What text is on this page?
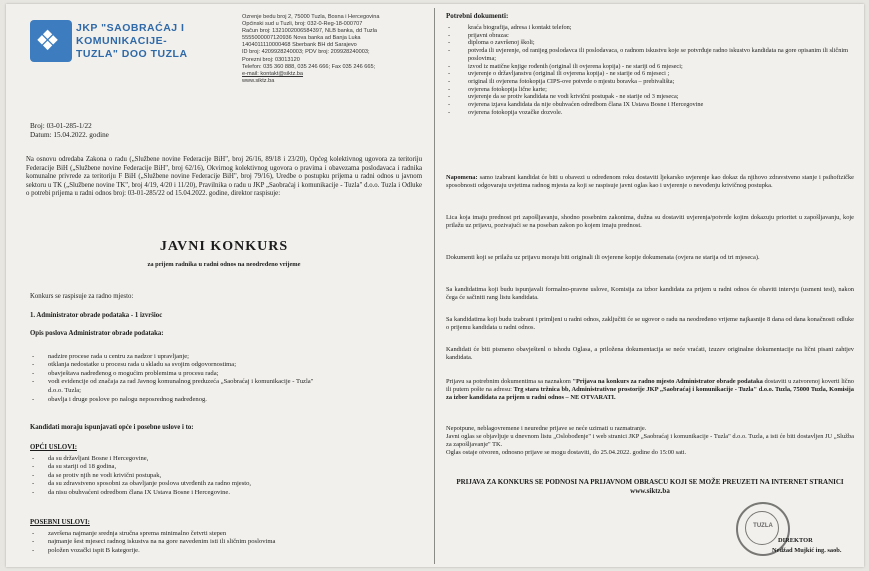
❖ JKP "SAOBRAĆAJ I
KOMUNIKACIJE-
TUZLA" DOO TUZLA
Ozrenje bedu broj 2, 75000 Tuzla, Bosna i Hercegovina
Općinski sud u Tuzli, broj: 032-0-Reg-18-000707
Račun broj: 1321002006584397, NLB banka, dd Tuzla
5555000007120936 Nova banka ad Banja Luka
1404011110000468 Sberbank BH dd Sarajevo
ID broj: 4209928240003; PDV broj: 209928240003;
Porezni broj: 03013120
Telefon: 035 360 888, 035 246 666; Fax 035 246 665;
e-mail: kontakt@siktz.ba
www.siktz.ba
Broj: 03-01-285-1/22
Datum: 15.04.2022. godine
Na osnovu odredaba Zakona o radu („Službene novine Federacije BiH", broj 26/16, 89/18 i 23/20), Općeg kolektivnog ugovora za teritoriju Federacije BiH („Službene novine Federacije BiH", broj 62/16), Okvirnog kolektivnog ugovora o pravima i obavezama poslodavaca i radnika komunalne privrede za teritoriju F BiH („Službene novine Federacije BiH", broj 79/16), Uredbe o postupku prijema u radni odnos u javnom sektoru u TK („Službene novine TK", broj 4/19, 4/20 i 11/20), Pravilnika o radu u JKP „Saobraćaj i komunikacije - Tuzla" d.o.o. Tuzla i Odluke o potrebi prijema u radni odnos broj: 03-01-285/22 od 15.04.2022. godine, direktor raspisuje:
JAVNI KONKURS
za prijem radnika u radni odnos na neodređeno vrijeme
Konkurs se raspisuje za radno mjesto:
1. Administrator obrade podataka - 1 izvršioc
Opis poslova Administrator obrade podataka:
- nadzire procese rada u centru za nadzor i upravljanje;
- otklanja nedostatke u procesu rada u skladu sa svojim odgovornostima;
- obavještava nadređenog o mogućim problemima u procesu rada;
- vodi evidencije od značaja za rad Javnog komunalnog preduzeća „Saobraćaj i komunikacije - Tuzla"
d.o.o. Tuzla;
- obavlja i druge poslove po nalogu neposrednog nadređenog.
Kandidati moraju ispunjavati opće i posebne uslove i to:
OPĆI USLOVI:
- da su državljani Bosne i Hercegovine,
- da su stariji od 18 godina,
- da se protiv njih ne vodi krivični postupak,
- da su zdravstveno sposobni za obavljanje poslova utvrđenih za radno mjesto,
- da nisu obuhvaćeni odredbom člana IX Ustava Bosne i Hercegovine.
POSEBNI USLOVI:
- završena najmanje srednja stručna sprema minimalno četvrti stepen
- najmanje šest mjeseci radnog iskustva na na gore navedenim isti ili sličnim poslovima
- položen vozački ispit B kategorije.
Potrebni dokumenti:
- kraća biografija, adresa i kontakt telefon;
- prijavni obrazac
- diploma o završenoj školi;
- potvrda ili uvjerenje, od ranijeg poslodavca ili poslodavaca, o radnom iskustvu koje se potvrđuje radno iskustvo kandidata na gore opisanim ili sličnim poslovima;
- izvod iz matične knjige rođenih (original ili ovjerena kopija) - ne stariji od 6 mjeseci;
- uvjerenje o državljanstvu (original ili ovjerena kopija) - ne starije od 6 mjeseci ;
- original ili ovjerena fotokopija CIPS-ove potvrde o mjestu boravka – prebivališta;
- ovjerena fotokopija lične karte;
- uvjerenje da se protiv kandidata ne vodi krivični postupak - ne starije od 3 mjeseca;
- ovjerena izjava kandidata da nije obuhvaćen odredbom člana IX Ustava Bosne i Hercegovine
- ovjerena fotokopija vozačke dozvole.
Napomena: samo izabrani kandidat će biti u obavezi u određenom roku dostaviti ljekarsko uvjerenje kao dokaz da njihovo zdravstveno stanje i psihofizičke sposobnosti odgovaraju uvjetima radnog mjesta za koji se raspisuje javni oglas kao i uvjerenje o nevođenju krivičnog postupka.
Lica koja imaju prednost pri zapošljavanju, shodno posebnim zakonima, dužna su dostaviti uvjerenja/potvrde kojim dokazuju prioritet u zapošljavanju, koje prilažu uz prijavu, pozivajući se na poseban zakon po kojem imaju prednost.
Dokumenti koji se prilažu uz prijavu moraju biti originali ili ovjerene kopije dokumenata (ovjera ne starija od tri mjeseca).
Sa kandidatima koji budu ispunjavali formalno-pravne uslove, Komisija za izbor kandidata za prijem u radni odnos će obaviti intervju (usmeni test), nakon čega će sačiniti rang listu kandidata.
Sa kandidatima koji budu izabrani i primljeni u radni odnos, zaključiti će se ugovor o radu na neodređeno vrijeme najkasnije 8 dana od dana konačnosti odluke o prijemu kandidata u radni odnos.
Kandidati će biti pismeno obavještenl o ishodu Oglasa, a priložena dokumentacija se neće vraćati, izuzev originalne dokumentacije na lični pisani zahtjev kandidata.
Prijavu sa potrebnim dokumentima sa naznakom "Prijava na konkurs za radno mjesto Administrator obrade podataka dostaviti u zatvorenoj koverti lično ili putem pošte na adresu: Trg stara tržnica bb, Administrativne prostorije JKP „Saobraćaj i komunikacije - Tuzla" d.o.o. Tuzla, 75000 Tuzla, Komisija za izbor kandidata za prijem u radni odnos – NE OTVARATI.
Nepotpune, neblagovremene i neuredne prijave se neće uzimati u razmatranje.
Javni oglas se objavljuje u dnevnom listu „Oslobođenje" i web stranici JKP „Saobraćaj i komunikacije - Tuzla" d.o.o. Tuzla, a isti će biti dostavljen JU „Služba za zapošljavanje" TK.
Oglas ostaje otvoren, odnosno prijave se mogu dostaviti, do 25.04.2022. godine do 15:00 sati.
PRIJAVA ZA KONKURS SE PODNOSI NA PRIJAVNOM OBRASCU KOJI SE MOŽE PREUZETI NA INTERNET STRANICI www.siktz.ba
TUZLA
DIREKTOR
Nedžad Mujkić ing. saob.
